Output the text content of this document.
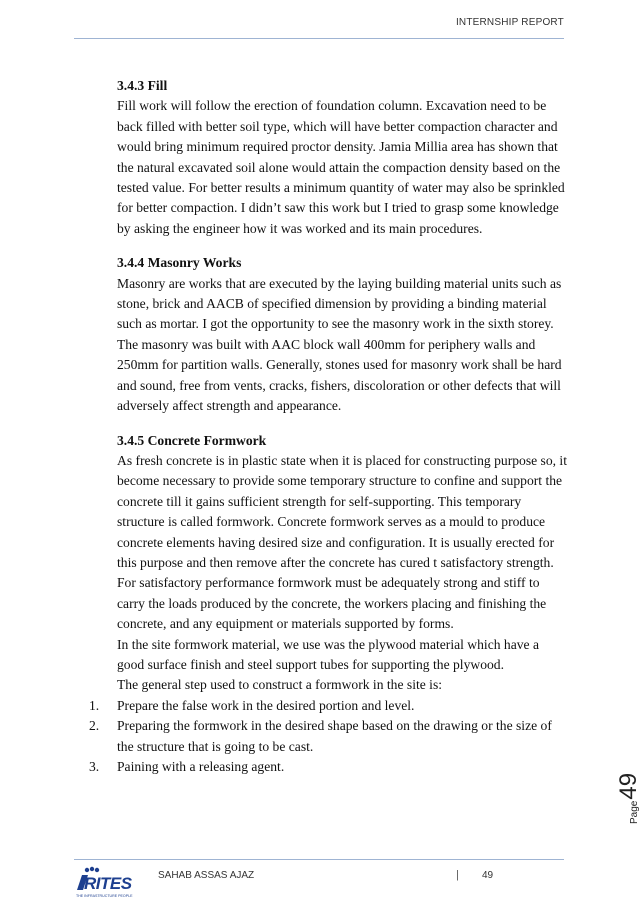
INTERNSHIP REPORT
3.4.3 Fill

Fill work will follow the erection of foundation column. Excavation need to be back filled with better soil type, which will have better compaction character and would bring minimum required proctor density. Jamia Millia area has shown that the natural excavated soil alone would attain the compaction density based on the tested value. For better results a minimum quantity of water may also be sprinkled for better compaction. I didn’t saw this work but I tried to grasp some knowledge by asking the engineer how it was worked and its main procedures.

3.4.4 Masonry Works

Masonry are works that are executed by the laying building material units such as stone, brick and AACB of specified dimension by providing a binding material such as mortar. I got the opportunity to see the masonry work in the sixth storey. The masonry was built with AAC block wall 400mm for periphery walls and 250mm for partition walls. Generally, stones used for masonry work shall be hard and sound, free from vents, cracks, fishers, discoloration or other defects that will adversely affect strength and appearance.

3.4.5 Concrete Formwork

As fresh concrete is in plastic state when it is placed for constructing purpose so, it become necessary to provide some temporary structure to confine and support the concrete till it gains sufficient strength for self-supporting. This temporary structure is called formwork. Concrete formwork serves as a mould to produce concrete elements having desired size and configuration. It is usually erected for this purpose and then remove after the concrete has cured t satisfactory strength. For satisfactory performance formwork must be adequately strong and stiff to carry the loads produced by the concrete, the workers placing and finishing the concrete, and any equipment or materials supported by forms.

In the site formwork material, we use was the plywood material which have a good surface finish and steel support tubes for supporting the plywood.

The general step used to construct a formwork in the site is:

1. Prepare the false work in the desired portion and level.
2. Preparing the formwork in the desired shape based on the drawing or the size of the structure that is going to be cast.
3. Paining with a releasing agent.
Page
49
RITES
THE INFRASTRUCTURE PEOPLE
SAHAB ASSAS AJAZ	| 49
